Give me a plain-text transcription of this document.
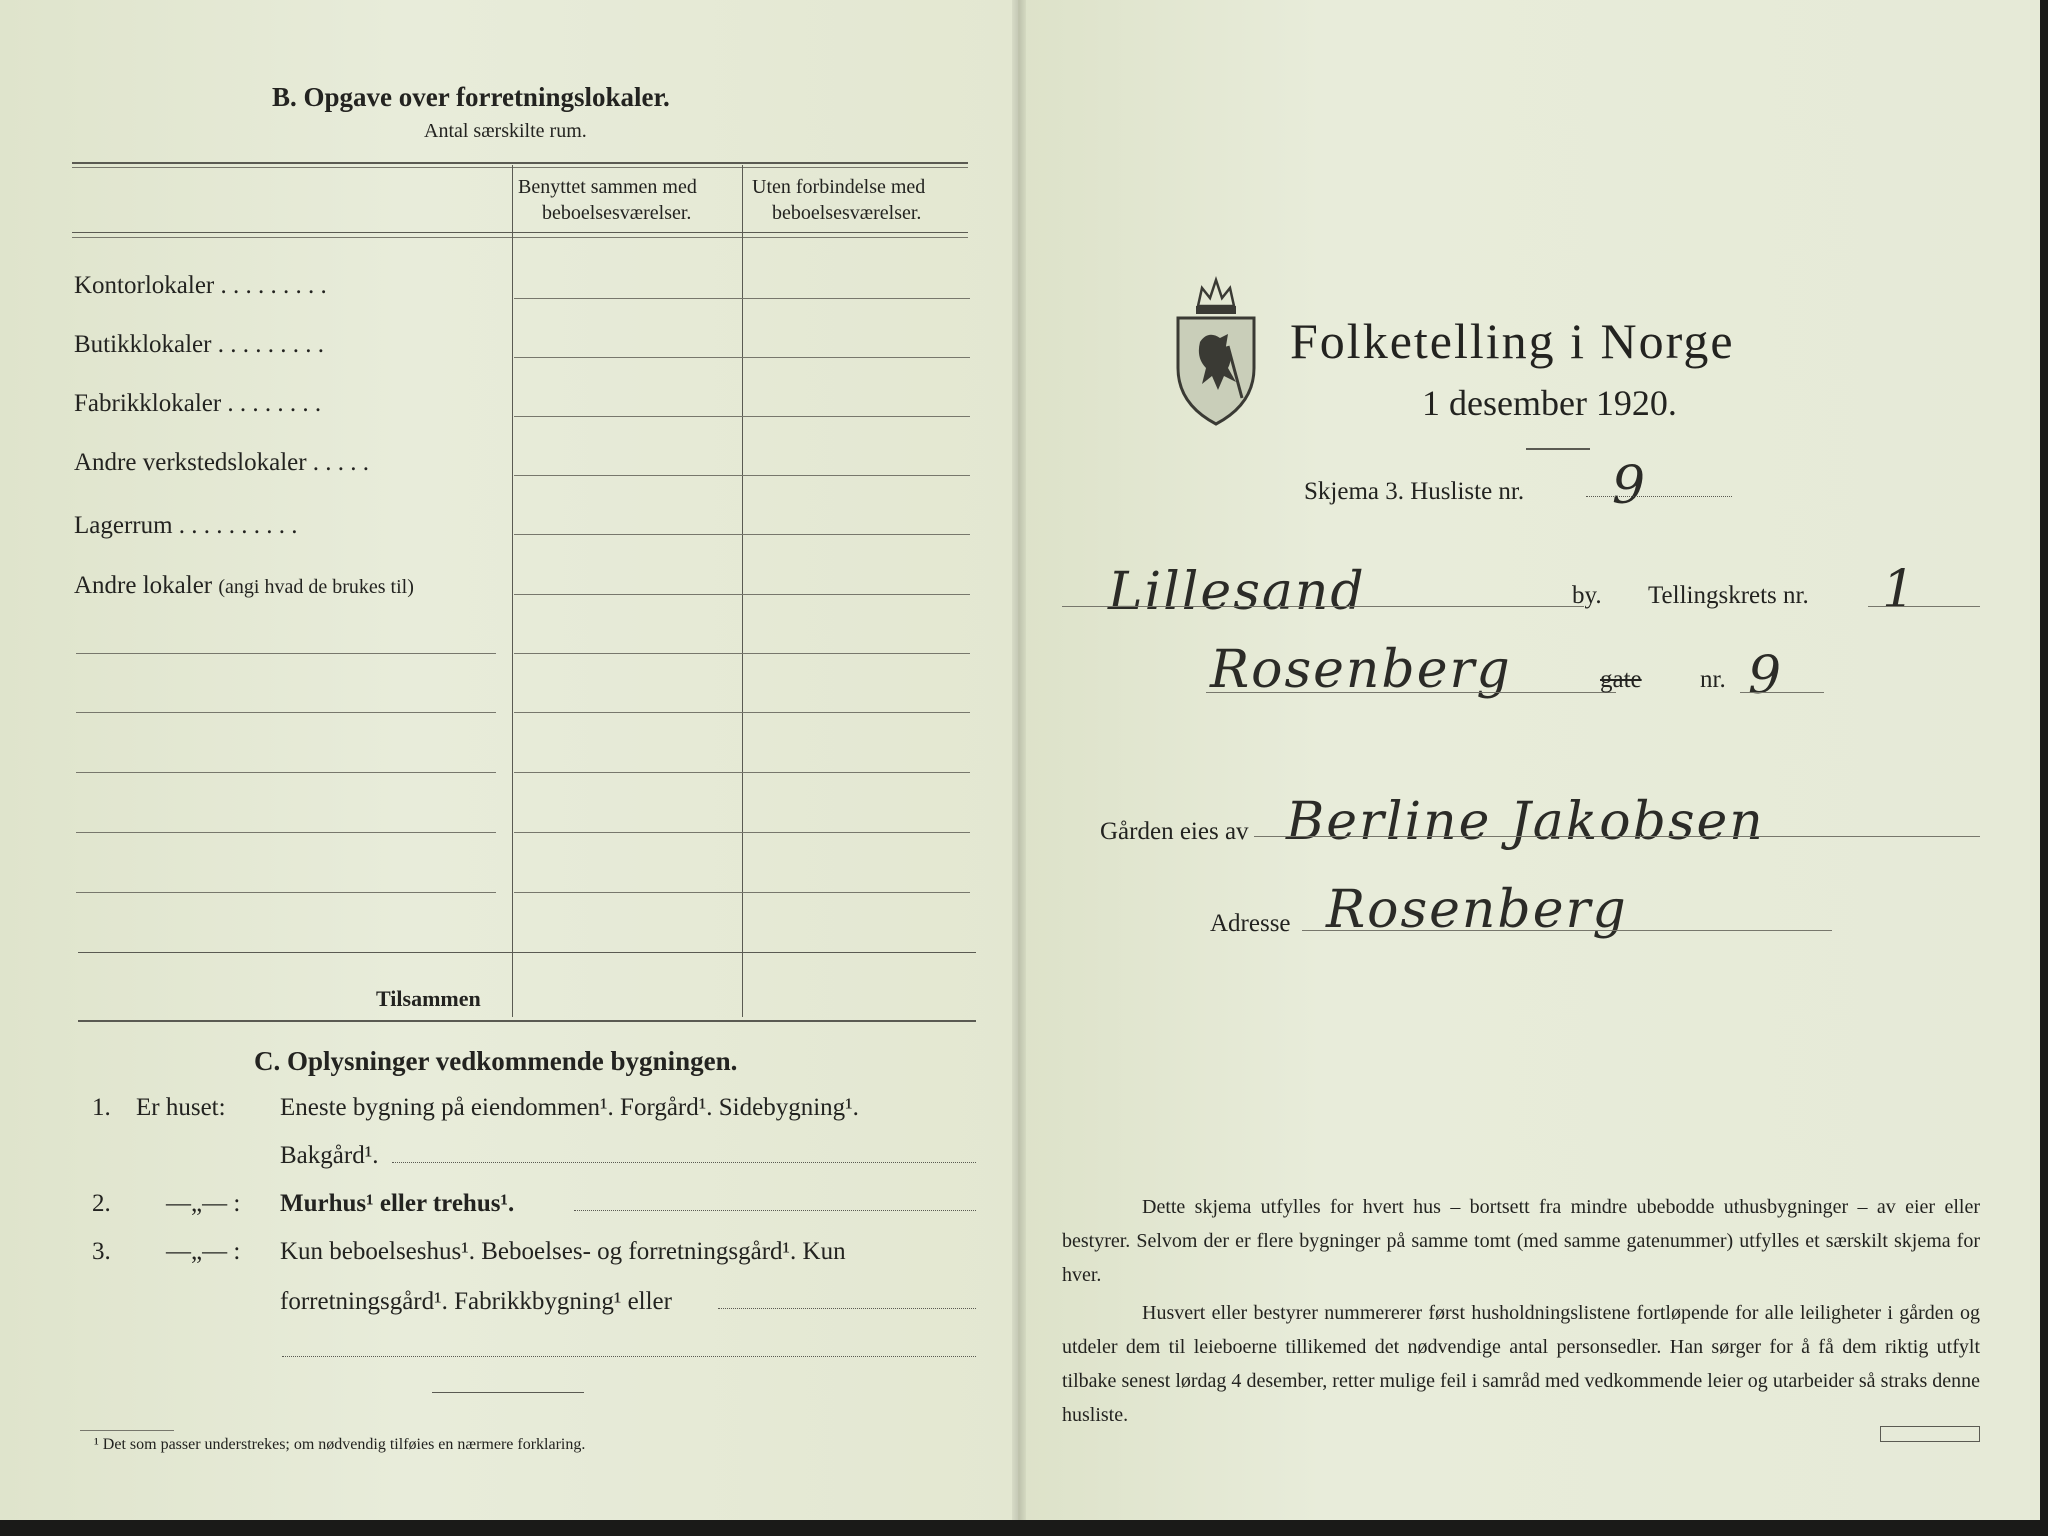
B. Opgave over forretningslokaler.
Antal særskilte rum.
Benyttet sammen med
beboelsesværelser.
Uten forbindelse med
beboelsesværelser.
Kontorlokaler . . . . . . . . .
Butikklokaler . . . . . . . . .
Fabrikklokaler . . . . . . . .
Andre verkstedslokaler . . . . .
Lagerrum . . . . . . . . . .
Andre lokaler (angi hvad de brukes til)
Tilsammen
C. Oplysninger vedkommende bygningen.
1. Er huset: Eneste bygning på eiendommen¹. Forgård¹. Sidebygning¹.
Bakgård¹.
2. —„— : Murhus¹ eller trehus¹.
3. —„— : Kun beboelseshus¹. Beboelses- og forretningsgård¹. Kun
forretningsgård¹. Fabrikkbygning¹ eller
¹ Det som passer understrekes; om nødvendig tilføies en nærmere forklaring.
Folketelling i Norge
1 desember 1920.
Skjema 3. Husliste nr. 9
Lillesand	by. Tellingskrets nr. 1
Rosenberg	gate nr. 9
Gården eies av Berline Jakobsen
Adresse Rosenberg
Dette skjema utfylles for hvert hus – bortsett fra mindre ubebodde uthusbygninger – av eier eller bestyrer. Selvom der er flere bygninger på samme tomt (med samme gatenummer) utfylles et særskilt skjema for hver.
Husvert eller bestyrer nummererer først husholdningslistene fortløpende for alle leiligheter i gården og utdeler dem til leieboerne tillikemed det nødvendige antal personsedler. Han sørger for å få dem riktig utfylt tilbake senest lørdag 4 desember, retter mulige feil i samråd med vedkommende leier og utarbeider så straks denne husliste.
